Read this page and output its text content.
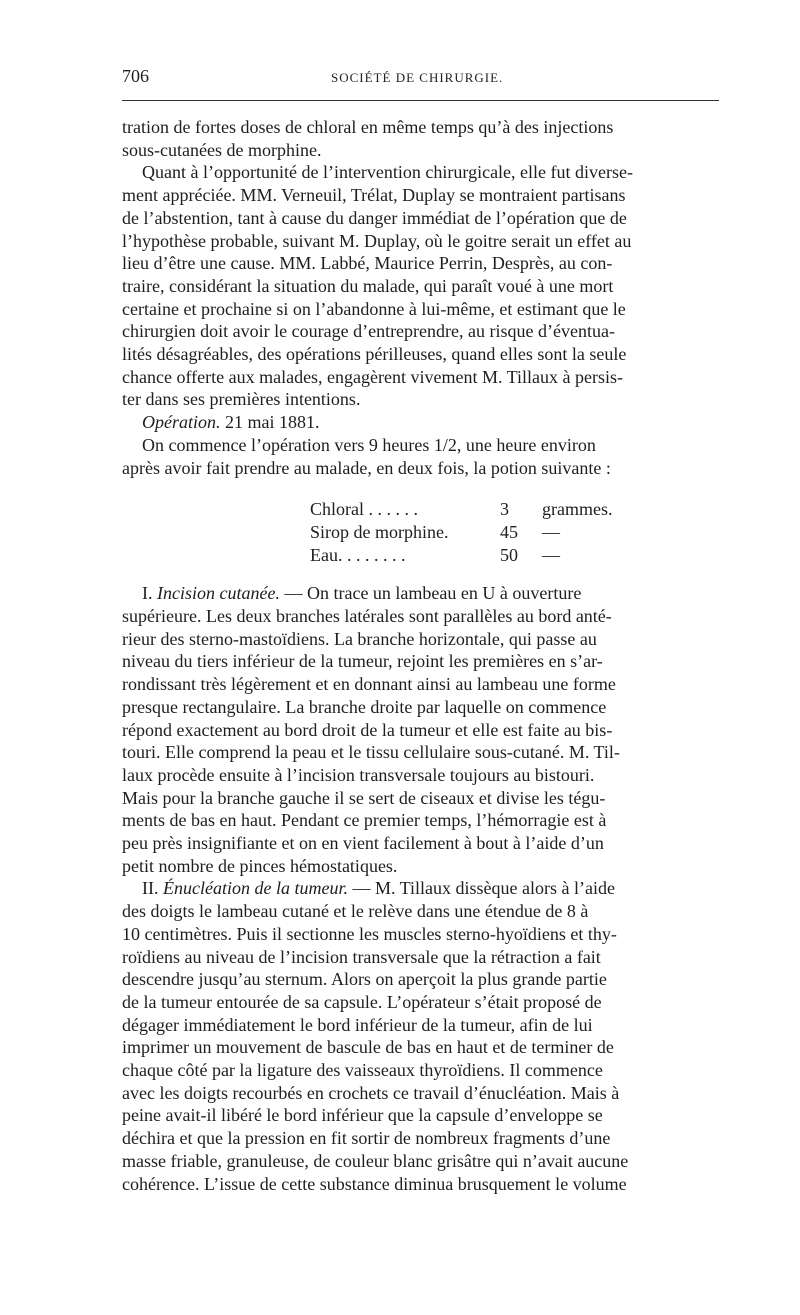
706	SOCIÉTÉ DE CHIRURGIE.

tration de fortes doses de chloral en même temps qu’à des injections

sous-cutanées de morphine.

Quant à l’opportunité de l’intervention chirurgicale, elle fut diverse-

ment appréciée. MM. Verneuil, Trélat, Duplay se montraient partisans

de l’abstention, tant à cause du danger immédiat de l’opération que de

l’hypothèse probable, suivant M. Duplay, où le goitre serait un effet au

lieu d’être une cause. MM. Labbé, Maurice Perrin, Desprès, au con-

traire, considérant la situation du malade, qui paraît voué à une mort

certaine et prochaine si on l’abandonne à lui-même, et estimant que le

chirurgien doit avoir le courage d’entreprendre, au risque d’éventua-

lités désagréables, des opérations périlleuses, quand elles sont la seule

chance offerte aux malades, engagèrent vivement M. Tillaux à persis-

ter dans ses premières intentions.

Opération. 21 mai 1881.

On commence l’opération vers 9 heures 1/2, une heure environ

après avoir fait prendre au malade, en deux fois, la potion suivante :

Chloral . . . . . .	3	grammes.
Sirop de morphine.	45	—
Eau. . . . . . . .	50	—

I. Incision cutanée. — On trace un lambeau en U à ouverture

supérieure. Les deux branches latérales sont parallèles au bord anté-

rieur des sterno-mastoïdiens. La branche horizontale, qui passe au

niveau du tiers inférieur de la tumeur, rejoint les premières en s’ar-

rondissant très légèrement et en donnant ainsi au lambeau une forme

presque rectangulaire. La branche droite par laquelle on commence

répond exactement au bord droit de la tumeur et elle est faite au bis-

touri. Elle comprend la peau et le tissu cellulaire sous-cutané. M. Til-

laux procède ensuite à l’incision transversale toujours au bistouri.

Mais pour la branche gauche il se sert de ciseaux et divise les tégu-

ments de bas en haut. Pendant ce premier temps, l’hémorragie est à

peu près insignifiante et on en vient facilement à bout à l’aide d’un

petit nombre de pinces hémostatiques.

II. Énucléation de la tumeur. — M. Tillaux dissèque alors à l’aide

des doigts le lambeau cutané et le relève dans une étendue de 8 à

10 centimètres. Puis il sectionne les muscles sterno-hyoïdiens et thy-

roïdiens au niveau de l’incision transversale que la rétraction a fait

descendre jusqu’au sternum. Alors on aperçoit la plus grande partie

de la tumeur entourée de sa capsule. L’opérateur s’était proposé de

dégager immédiatement le bord inférieur de la tumeur, afin de lui

imprimer un mouvement de bascule de bas en haut et de terminer de

chaque côté par la ligature des vaisseaux thyroïdiens. Il commence

avec les doigts recourbés en crochets ce travail d’énucléation. Mais à

peine avait-il libéré le bord inférieur que la capsule d’enveloppe se

déchira et que la pression en fit sortir de nombreux fragments d’une

masse friable, granuleuse, de couleur blanc grisâtre qui n’avait aucune

cohérence. L’issue de cette substance diminua brusquement le volume
